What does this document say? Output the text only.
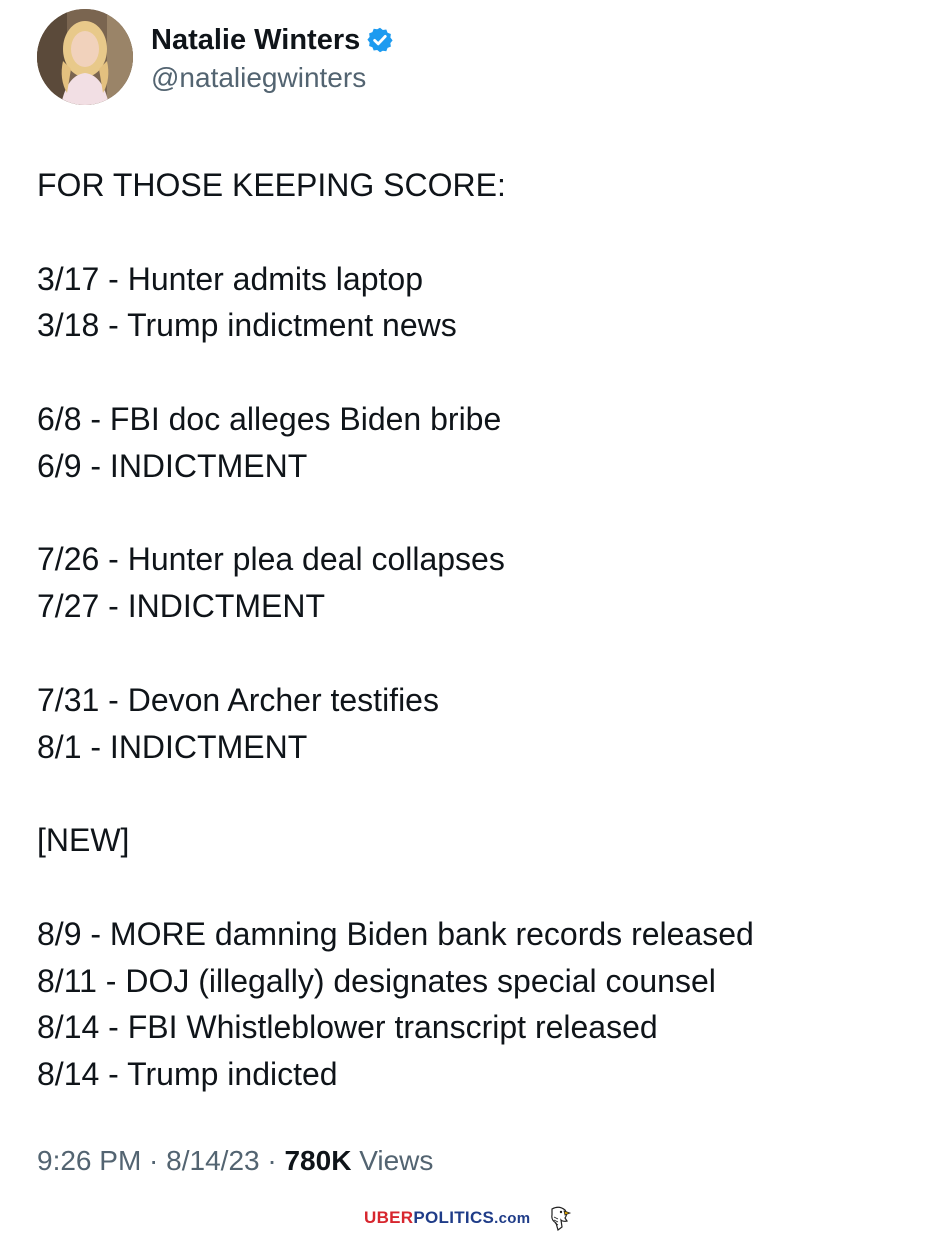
Natalie Winters
@nataliegwinters
FOR THOSE KEEPING SCORE:
3/17 - Hunter admits laptop
3/18 - Trump indictment news
6/8 - FBI doc alleges Biden bribe
6/9 - INDICTMENT
7/26 - Hunter plea deal collapses
7/27 - INDICTMENT
7/31 - Devon Archer testifies
8/1 - INDICTMENT
[NEW]
8/9 - MORE damning Biden bank records released
8/11 - DOJ (illegally) designates special counsel
8/14 - FBI Whistleblower transcript released
8/14 - Trump indicted
9:26 PM · 8/14/23 · 780K Views
UBER POLITICS .com
